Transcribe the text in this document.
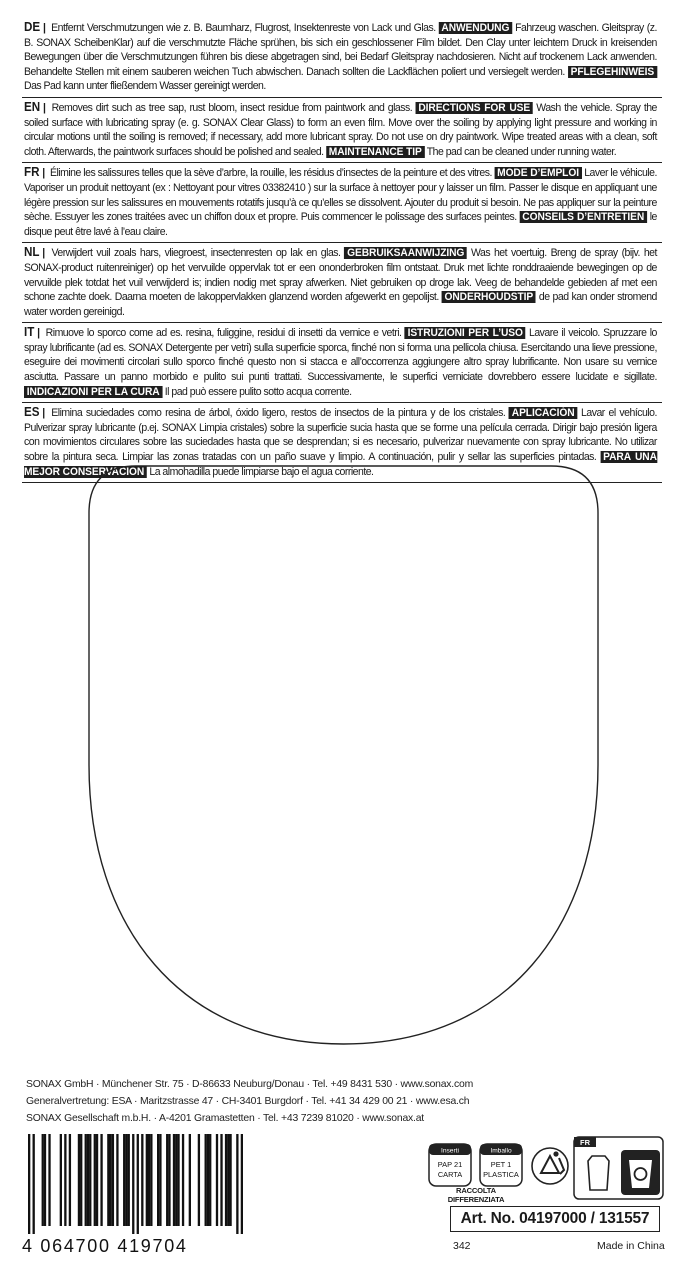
DE | Entfernt Verschmutzungen wie z. B. Baumharz, Flugrost, Insektenreste von Lack und Glas. ANWENDUNG Fahrzeug waschen. Gleitspray (z. B. SONAX ScheibenKlar) auf die verschmutzte Fläche sprühen, bis sich ein geschlossener Film bildet. Den Clay unter leichtem Druck in kreisenden Bewegungen über die Verschmutzungen führen bis diese abgetragen sind, bei Bedarf Gleitspray nachdosieren. Nicht auf trockenem Lack anwenden. Behandelte Stellen mit einem sauberen weichen Tuch abwischen. Danach sollten die Lackflächen poliert und versiegelt werden. PFLEGEHINWEIS Das Pad kann unter fließendem Wasser gereinigt werden.

EN | Removes dirt such as tree sap, rust bloom, insect residue from paintwork and glass. DIRECTIONS FOR USE Wash the vehicle. Spray the soiled surface with lubricating spray (e. g. SONAX Clear Glass) to form an even film. Move over the soiling by applying light pressure and working in circular motions until the soiling is removed; if necessary, add more lubricant spray. Do not use on dry paintwork. Wipe treated areas with a clean, soft cloth. Afterwards, the paintwork surfaces should be polished and sealed. MAINTENANCE TIP The pad can be cleaned under running water.

FR | Élimine les salissures telles que la sève d’arbre, la rouille, les résidus d’insectes de la peinture et des vitres. MODE D’EMPLOI Laver le véhicule. Vaporiser un produit nettoyant (ex : Nettoyant pour vitres 03382410 ) sur la surface à nettoyer pour y laisser un film. Passer le disque en appliquant une légère pression sur les salissures en mouvements rotatifs jusqu’à ce qu’elles se dissolvent. Ajouter du produit si besoin. Ne pas appliquer sur la peinture sèche. Essuyer les zones traitées avec un chiffon doux et propre. Puis commencer le polissage des surfaces peintes. CONSEILS D’ENTRETIEN le disque peut être lavé à l’eau claire.

NL | Verwijdert vuil zoals hars, vliegroest, insectenresten op lak en glas. GEBRUIKSAANWIJZING Was het voertuig. Breng de spray (bijv. het SONAX-product ruitenreiniger) op het vervuilde oppervlak tot er een ononderbroken film ontstaat. Druk met lichte ronddraaiende bewegingen op de vervuilde plek totdat het vuil verwijderd is; indien nodig met spray afwerken. Niet gebruiken op droge lak. Veeg de behandelde gebieden af met een schone zachte doek. Daarna moeten de lakoppervlakken glanzend worden afgewerkt en gepolijst. ONDERHOUDSTIP de pad kan onder stromend water worden gereinigd.

IT | Rimuove lo sporco come ad es. resina, fuliggine, residui di insetti da vernice e vetri. ISTRUZIONI PER L’USO Lavare il veicolo. Spruzzare lo spray lubrificante (ad es. SONAX Detergente per vetri) sulla superficie sporca, finché non si forma una pellicola chiusa. Esercitando una lieve pressione, eseguire dei movimenti circolari sullo sporco finché questo non si stacca e all’occorrenza aggiungere altro spray lubrificante. Non usare su vernice asciutta. Passare un panno morbido e pulito sui punti trattati. Successivamente, le superfici verniciate dovrebbero essere lucidate e sigillate. INDICAZIONI PER LA CURA Il pad può essere pulito sotto acqua corrente.

ES | Elimina suciedades como resina de árbol, óxido ligero, restos de insectos de la pintura y de los cristales. APLICACIÓN Lavar el vehículo. Pulverizar spray lubricante (p.ej. SONAX Limpia cristales) sobre la superficie sucia hasta que se forme una película cerrada. Dirigir bajo presión ligera con movimientos circulares sobre las suciedades hasta que se desprendan; si es necesario, pulverizar nuevamente con spray lubricante. No utilizar sobre la pintura seca. Limpiar las zonas tratadas con un paño suave y limpio. A continuación, pulir y sellar las superficies pintadas. PARA UNA MEJOR CONSERVACIÓN La almohadilla puede limpiarse bajo el agua corriente.

SONAX GmbH · Münchener Str. 75 · D-86633 Neuburg/Donau · Tel. +49 8431 530 · www.sonax.com
Generalvertretung: ESA · Maritzstrasse 47 · CH-3401 Burgdorf · Tel. +41 34 429 00 21 · www.esa.ch
SONAX Gesellschaft m.b.H. · A-4201 Gramastetten · Tel. +43 7239 81020 · www.sonax.at
4 064700 419704
Inserti
PAP 21
CARTA
Imballo
PET 1
PLASTICA
FR
RACCOLTA DIFFERENZIATA
Art. No. 04197000 / 131557
342	Made in China
